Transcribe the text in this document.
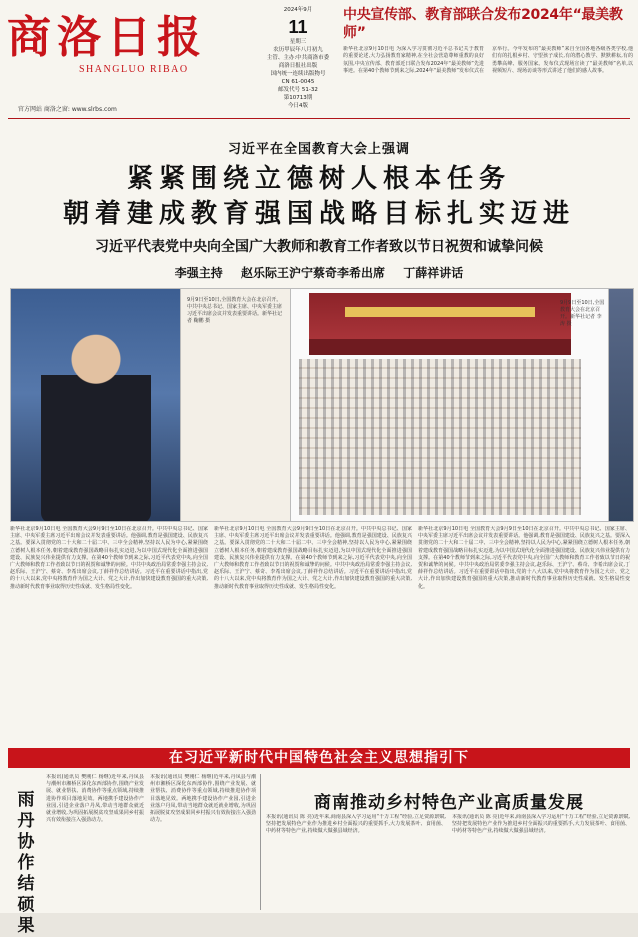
商洛日报
SHANGLUO RIBAO
2024年9月
11
星期三
农历甲辰年八月初九
主管、主办:中共商洛市委
商洛日报社出版
国内统一连续出版物号
CN 61-0045
邮发代号 51-32
第10713期
今日4版
中央宣传部、教育部联合发布2024年“最美教师”
新华社北京9月10日电 为深入学习贯彻习近平总书记关于教育的重要论述,大力弘扬教育家精神,在全社会营造尊师重教的良好氛围,中央宣传部、教育部近日联合发布2024年“最美教师”先进事迹。在第40个教师节到来之际,2024年“最美教师”发布仪式在京举行。今年发布的“最美教师”来自全国各地各级各类学校,他们有的扎根乡村、守望孩子成长,有的潜心教学、默默耕耘,有的勇攀高峰、服务国家。发布仪式现场宣读了“最美教师”名单,以视频短片、现场访谈等形式讲述了他们的感人故事。
官方网站 商洛之窗: www.slrbs.com
习近平在全国教育大会上强调
紧紧围绕立德树人根本任务
朝着建成教育强国战略目标扎实迈进
习近平代表党中央向全国广大教师和教育工作者致以节日祝贺和诚挚问候
李强主持 赵乐际王沪宁蔡奇李希出席 丁薛祥讲话
9月9日至10日,全国教育大会在北京召开。中共中央总书记、国家主席、中央军委主席习近平出席会议并发表重要讲话。新华社记者 鞠鹏 摄
9月9日至10日,全国教育大会在北京召开。新华社记者 李涛 摄
新华社北京9月10日电 全国教育大会9月9日至10日在北京召开。中共中央总书记、国家主席、中央军委主席习近平出席会议并发表重要讲话。他强调,教育是强国建设、民族复兴之基。要深入贯彻党的二十大和二十届二中、三中全会精神,坚持以人民为中心,紧紧围绕立德树人根本任务,朝着建成教育强国战略目标扎实迈进,为以中国式现代化全面推进强国建设、民族复兴伟业提供有力支撑。在第40个教师节到来之际,习近平代表党中央,向全国广大教师和教育工作者致以节日的祝贺和诚挚的问候。中共中央政治局常委李强主持会议,赵乐际、王沪宁、蔡奇、李希出席会议,丁薛祥作总结讲话。习近平在重要讲话中指出,党的十八大以来,党中央将教育作为国之大计、党之大计,作出加快建设教育强国的重大决策,推动新时代教育事业取得历史性成就、发生格局性变化。
新华社北京9月10日电 全国教育大会9月9日至10日在北京召开。中共中央总书记、国家主席、中央军委主席习近平出席会议并发表重要讲话。他强调,教育是强国建设、民族复兴之基。要深入贯彻党的二十大和二十届二中、三中全会精神,坚持以人民为中心,紧紧围绕立德树人根本任务,朝着建成教育强国战略目标扎实迈进,为以中国式现代化全面推进强国建设、民族复兴伟业提供有力支撑。在第40个教师节到来之际,习近平代表党中央,向全国广大教师和教育工作者致以节日的祝贺和诚挚的问候。中共中央政治局常委李强主持会议,赵乐际、王沪宁、蔡奇、李希出席会议,丁薛祥作总结讲话。习近平在重要讲话中指出,党的十八大以来,党中央将教育作为国之大计、党之大计,作出加快建设教育强国的重大决策,推动新时代教育事业取得历史性成就、发生格局性变化。
新华社北京9月10日电 全国教育大会9月9日至10日在北京召开。中共中央总书记、国家主席、中央军委主席习近平出席会议并发表重要讲话。他强调,教育是强国建设、民族复兴之基。要深入贯彻党的二十大和二十届二中、三中全会精神,坚持以人民为中心,紧紧围绕立德树人根本任务,朝着建成教育强国战略目标扎实迈进,为以中国式现代化全面推进强国建设、民族复兴伟业提供有力支撑。在第40个教师节到来之际,习近平代表党中央,向全国广大教师和教育工作者致以节日的祝贺和诚挚的问候。中共中央政治局常委李强主持会议,赵乐际、王沪宁、蔡奇、李希出席会议,丁薛祥作总结讲话。习近平在重要讲话中指出,党的十八大以来,党中央将教育作为国之大计、党之大计,作出加快建设教育强国的重大决策,推动新时代教育事业取得历史性成就、发生格局性变化。
在习近平新时代中国特色社会主义思想指引下
雨丹协作结硕果
本报讯(通讯员 樊刚仁 杨继)近年来,丹凤县与潮州市湘桥区深化东西部协作,围绕产业发展、就业帮扶、消费协作等重点领域,持续推进协作项目落地见效。两地携手建设协作产业园,引进企业落户丹凤,带动当地群众就近就业增收,为巩固拓展脱贫攻坚成果同乡村振兴有效衔接注入强劲动力。
本报讯(通讯员 樊刚仁 杨继)近年来,丹凤县与潮州市湘桥区深化东西部协作,围绕产业发展、就业帮扶、消费协作等重点领域,持续推进协作项目落地见效。两地携手建设协作产业园,引进企业落户丹凤,带动当地群众就近就业增收,为巩固拓展脱贫攻坚成果同乡村振兴有效衔接注入强劲动力。
商南推动乡村特色产业高质量发展
本报讯(通讯员 陈 亮)近年来,商南县深入学习运用“千万工程”经验,立足资源禀赋,坚持把发展特色产业作为推进乡村全面振兴的重要抓手,大力发展茶叶、食用菌、中药材等特色产业,持续做大做强县域经济。
本报讯(通讯员 陈 亮)近年来,商南县深入学习运用“千万工程”经验,立足资源禀赋,坚持把发展特色产业作为推进乡村全面振兴的重要抓手,大力发展茶叶、食用菌、中药材等特色产业,持续做大做强县域经济。
